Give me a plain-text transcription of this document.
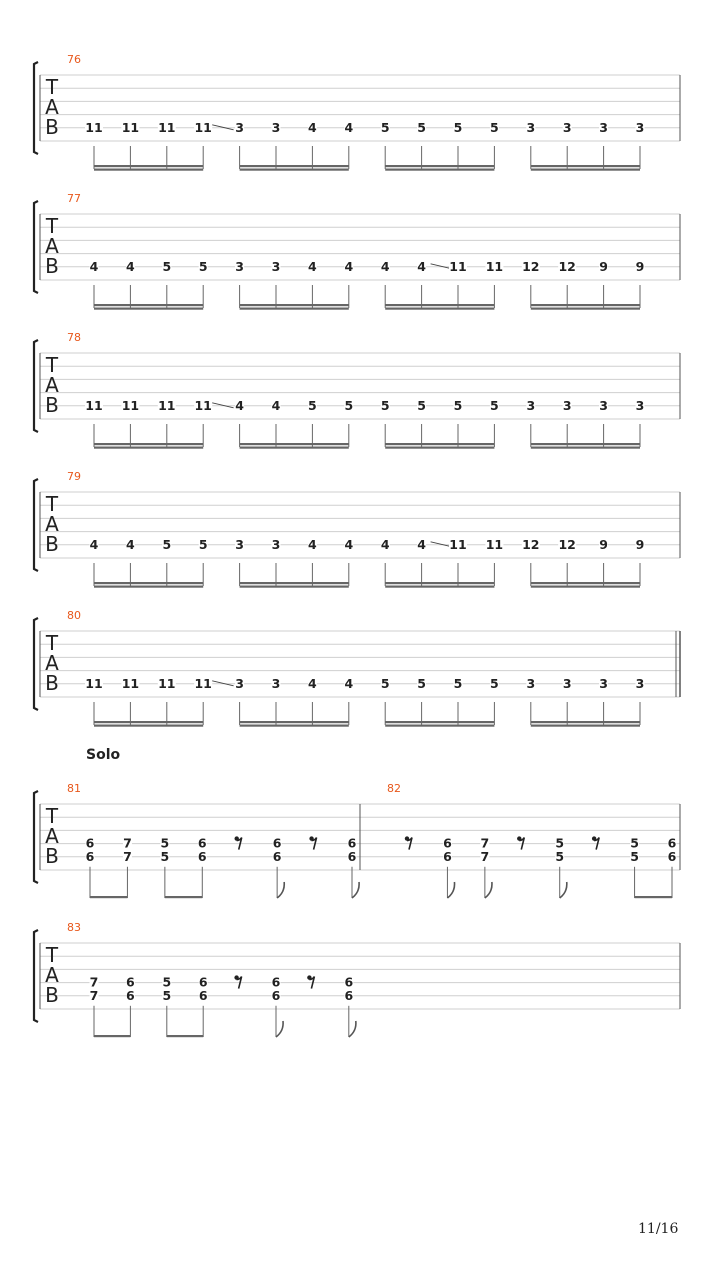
T
A
B
76
11 11 11 11 3 3 4 4 5 5 5 5 3 3 3 3
T
A
B
77
4 4 5 5 3 3 4 4 4 4 11 11 12 12 9 9
T
A
B
78
11 11 11 11 4 4 5 5 5 5 5 5 3 3 3 3
T
A
B
79
4 4 5 5 3 3 4 4 4 4 11 11 12 12 9 9
T
A
B
80
11 11 11 11 3 3 4 4 5 5 5 5 3 3 3 3
T
A
B
81
6
6
7
7
5
5
6
6
6
6
6
6
82
6
6
7
7
5
5
5
5
6
6
T
A
B
83
7
7
6
6
5
5
6
6
6
6
6
6
Solo
11/16
